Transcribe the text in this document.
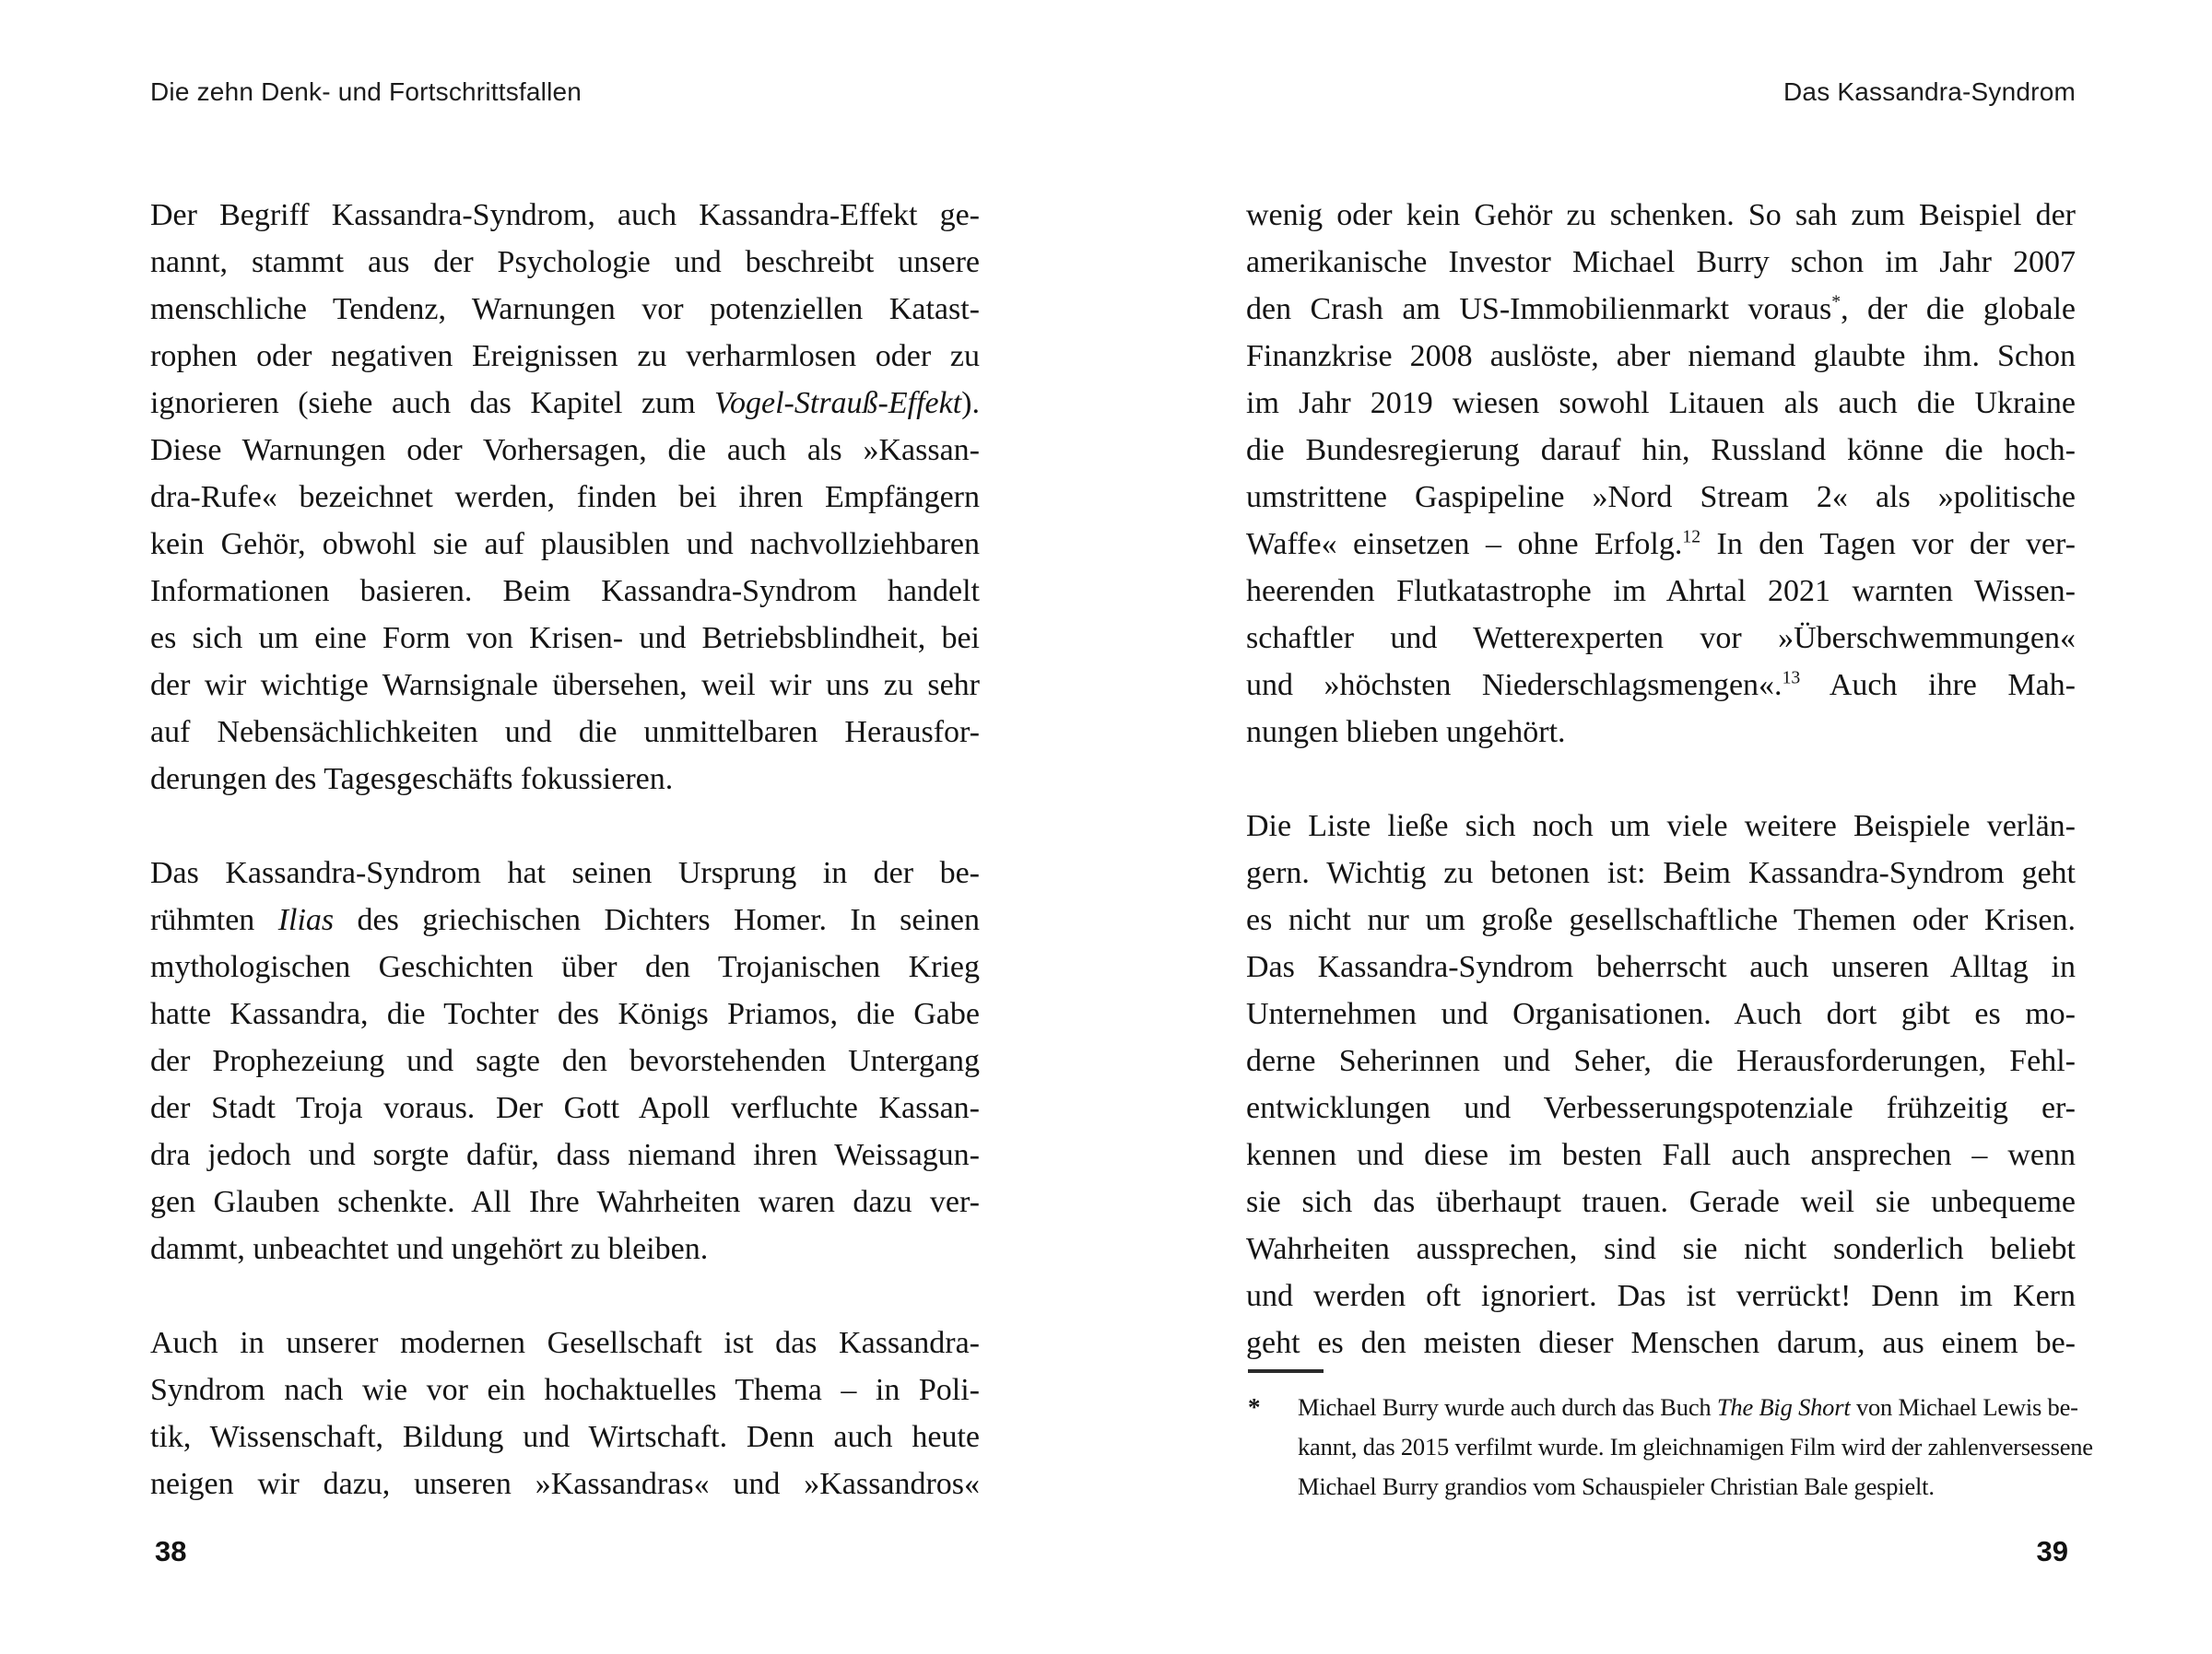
Die zehn Denk- und Fortschrittsfallen
Der Begriff Kassandra-Syndrom, auch Kassandra-Effekt ge-
nannt, stammt aus der Psychologie und beschreibt unsere
menschliche Tendenz, Warnungen vor potenziellen Katast-
rophen oder negativen Ereignissen zu verharmlosen oder zu
ignorieren (siehe auch das Kapitel zum Vogel-Strauß-Effekt).
Diese Warnungen oder Vorhersagen, die auch als »Kassan-
dra-Rufe« bezeichnet werden, finden bei ihren Empfängern
kein Gehör, obwohl sie auf plausiblen und nachvollziehbaren
Informationen basieren. Beim Kassandra-Syndrom handelt
es sich um eine Form von Krisen- und Betriebsblindheit, bei
der wir wichtige Warnsignale übersehen, weil wir uns zu sehr
auf Nebensächlichkeiten und die unmittelbaren Herausfor-
derungen des Tagesgeschäfts fokussieren.
Das Kassandra-Syndrom hat seinen Ursprung in der be-
rühmten Ilias des griechischen Dichters Homer. In seinen
mythologischen Geschichten über den Trojanischen Krieg
hatte Kassandra, die Tochter des Königs Priamos, die Gabe
der Prophezeiung und sagte den bevorstehenden Untergang
der Stadt Troja voraus. Der Gott Apoll verfluchte Kassan-
dra jedoch und sorgte dafür, dass niemand ihren Weissagun-
gen Glauben schenkte. All Ihre Wahrheiten waren dazu ver-
dammt, unbeachtet und ungehört zu bleiben.
Auch in unserer modernen Gesellschaft ist das Kassandra-
Syndrom nach wie vor ein hochaktuelles Thema – in Poli-
tik, Wissenschaft, Bildung und Wirtschaft. Denn auch heute
neigen wir dazu, unseren »Kassandras« und »Kassandros«
38
Das Kassandra-Syndrom
wenig oder kein Gehör zu schenken. So sah zum Beispiel der
amerikanische Investor Michael Burry schon im Jahr 2007
den Crash am US-Immobilienmarkt voraus*, der die globale
Finanzkrise 2008 auslöste, aber niemand glaubte ihm. Schon
im Jahr 2019 wiesen sowohl Litauen als auch die Ukraine
die Bundesregierung darauf hin, Russland könne die hoch-
umstrittene Gaspipeline »Nord Stream 2« als »politische
Waffe« einsetzen – ohne Erfolg.$^{12}$ In den Tagen vor der ver-
heerenden Flutkatastrophe im Ahrtal 2021 warnten Wissen-
schaftler und Wetterexperten vor »Überschwemmungen«
und »höchsten Niederschlagsmengen«.$^{13}$ Auch ihre Mah-
nungen blieben ungehört.
Die Liste ließe sich noch um viele weitere Beispiele verlän-
gern. Wichtig zu betonen ist: Beim Kassandra-Syndrom geht
es nicht nur um große gesellschaftliche Themen oder Krisen.
Das Kassandra-Syndrom beherrscht auch unseren Alltag in
Unternehmen und Organisationen. Auch dort gibt es mo-
derne Seherinnen und Seher, die Herausforderungen, Fehl-
entwicklungen und Verbesserungspotenziale frühzeitig er-
kennen und diese im besten Fall auch ansprechen – wenn
sie sich das überhaupt trauen. Gerade weil sie unbequeme
Wahrheiten aussprechen, sind sie nicht sonderlich beliebt
und werden oft ignoriert. Das ist verrückt! Denn im Kern
geht es den meisten dieser Menschen darum, aus einem be-
* Michael Burry wurde auch durch das Buch The Big Short von Michael Lewis be-
kannt, das 2015 verfilmt wurde. Im gleichnamigen Film wird der zahlenversessene
Michael Burry grandios vom Schauspieler Christian Bale gespielt.
39
